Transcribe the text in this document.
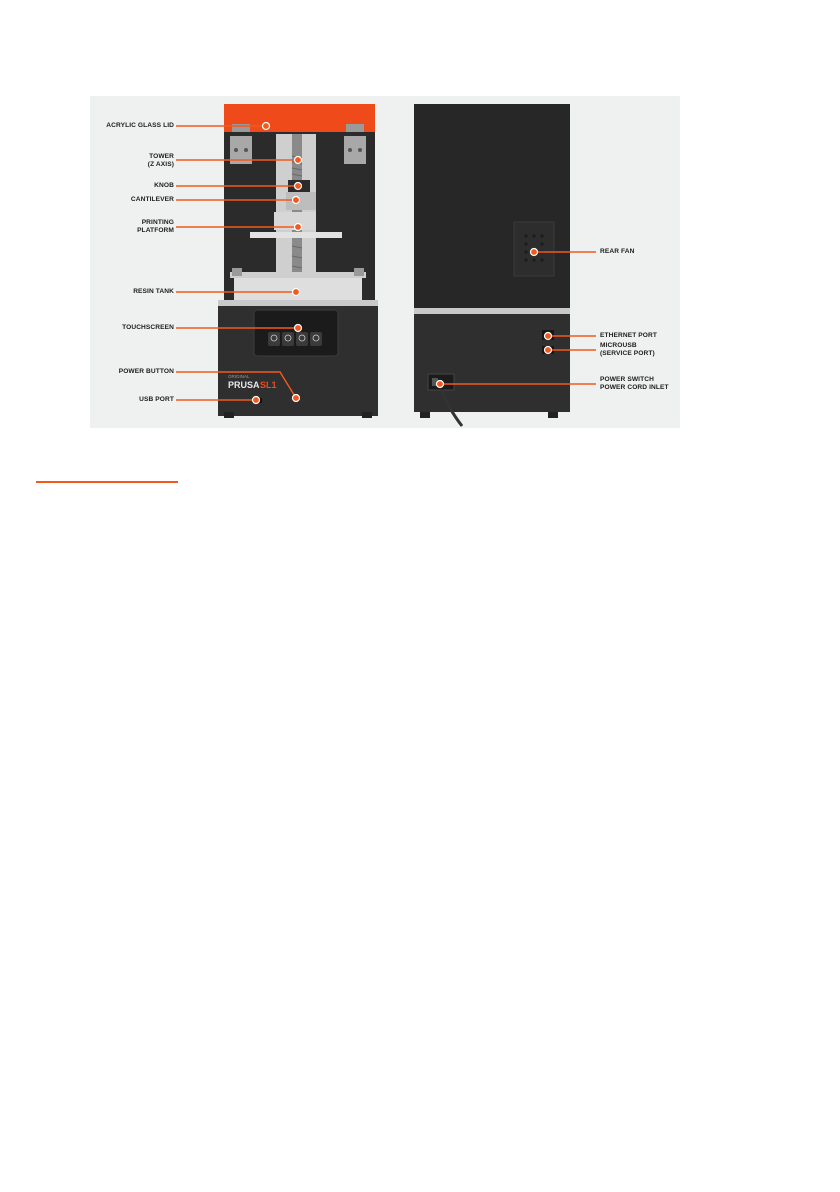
ORIGINAL
PRUSA SL1
ACRYLIC GLASS LID
TOWER
(Z AXIS)
KNOB
CANTILEVER
PRINTING
PLATFORM
RESIN TANK
TOUCHSCREEN
POWER BUTTON
USB PORT
REAR FAN
ETHERNET PORT
MICROUSB
(SERVICE PORT)
POWER SWITCH
POWER CORD INLET
